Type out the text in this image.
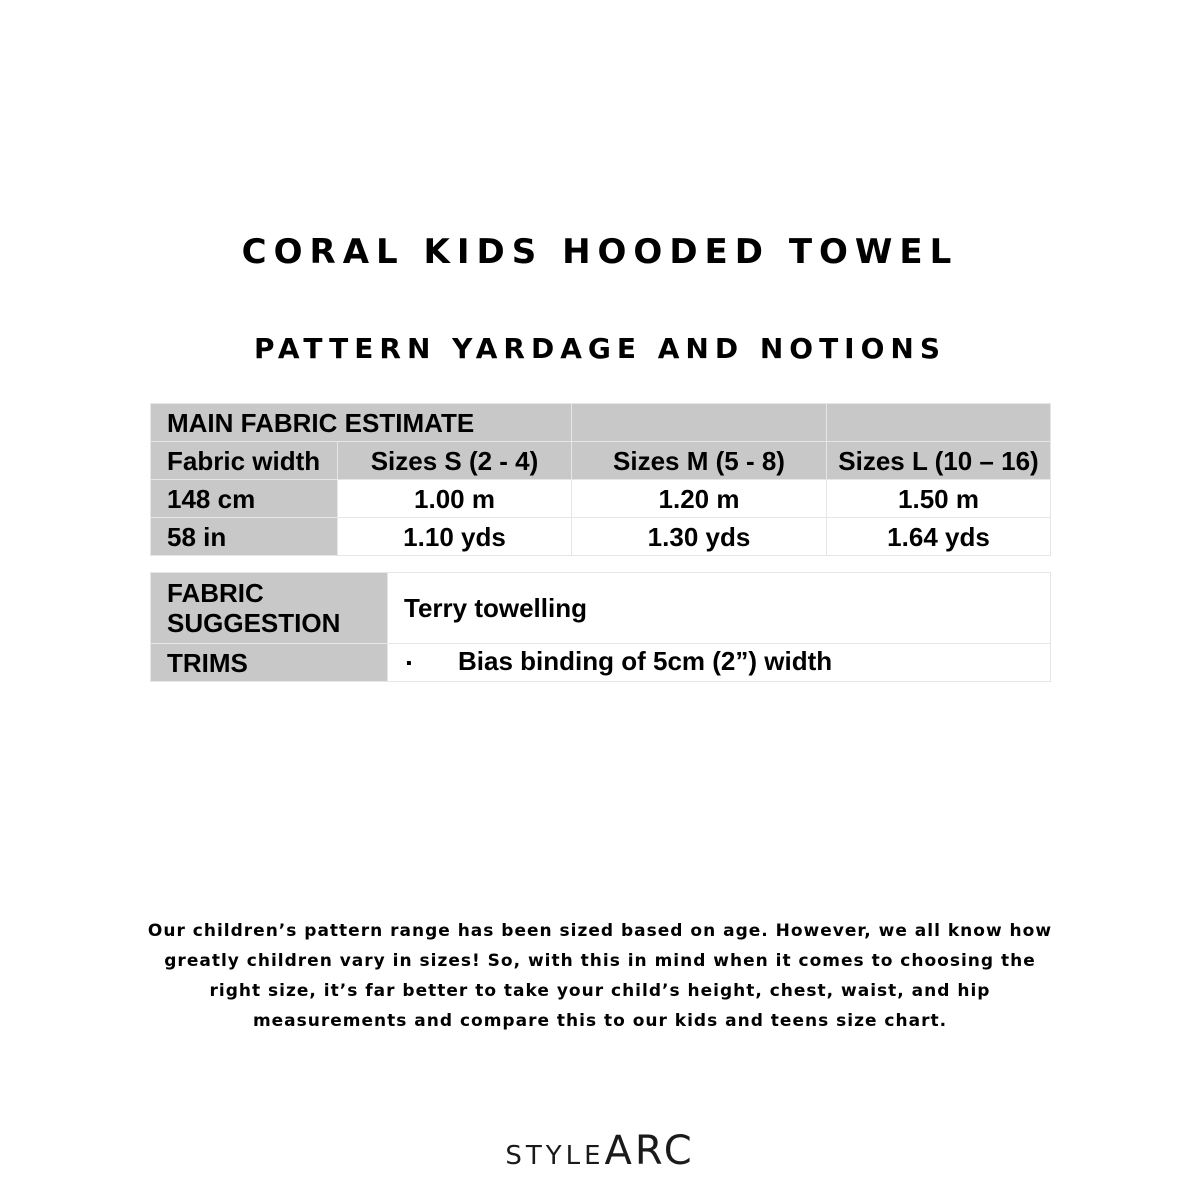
CORAL KIDS HOODED TOWEL
PATTERN YARDAGE AND NOTIONS
MAIN FABRIC ESTIMATE			
Fabric width	Sizes S (2 - 4)	Sizes M (5 - 8)	Sizes L (10 – 16)
148 cm	1.00 m	1.20 m	1.50 m
58 in	1.10 yds	1.30 yds	1.64 yds
FABRIC
SUGGESTION	Terry towelling
TRIMS	▪ Bias binding of 5cm (2”) width

Our children’s pattern range has been sized based on age. However, we all know how greatly children vary in sizes! So, with this in mind when it comes to choosing the right size, it’s far better to take your child’s height, chest, waist, and hip measurements and compare this to our kids and teens size chart.

STYLEARC
